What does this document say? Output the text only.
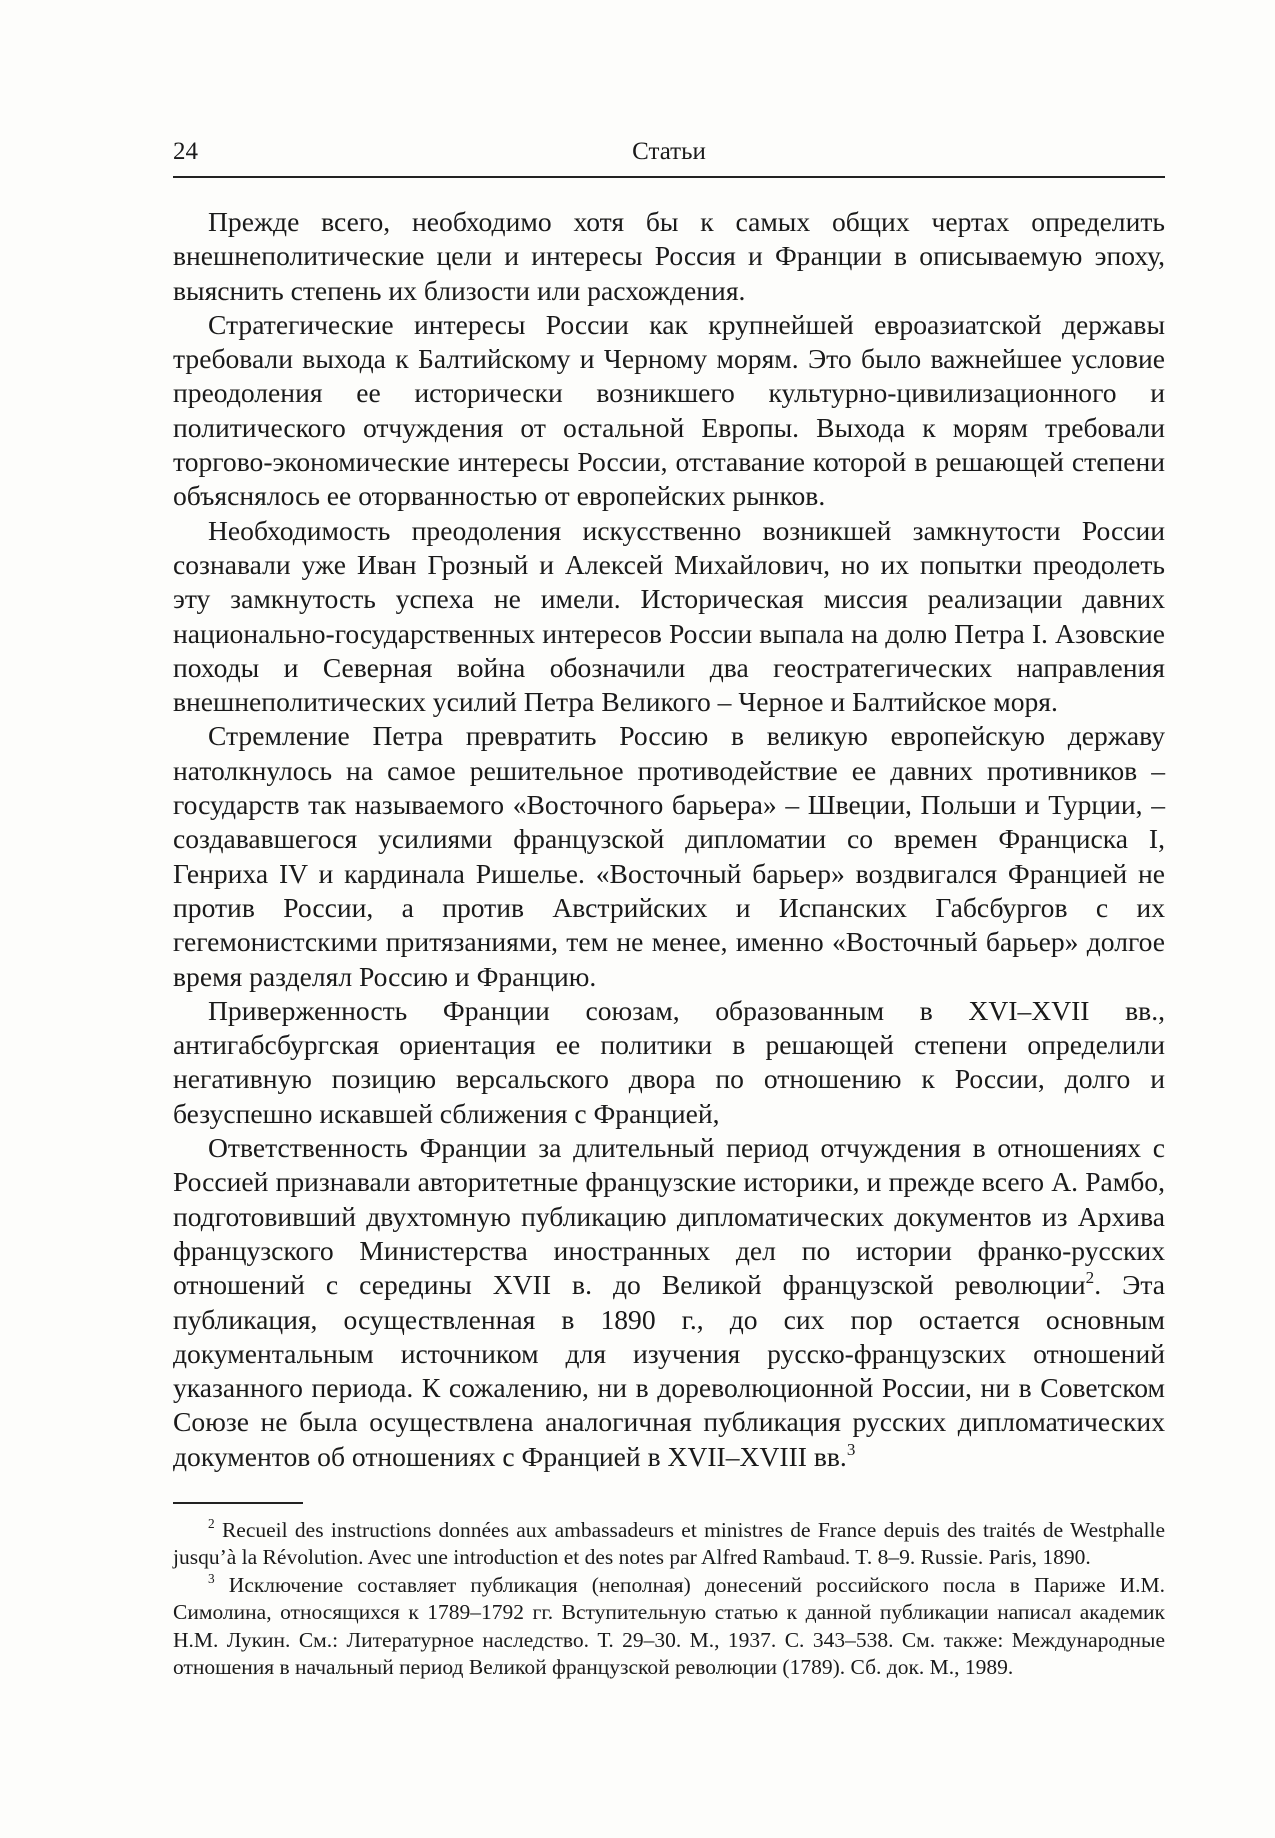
24	Статьи

Прежде всего, необходимо хотя бы к самых общих чертах определить внешнеполитические цели и интересы Россия и Франции в описываемую эпоху, выяснить степень их близости или расхождения.

Стратегические интересы России как крупнейшей евроазиатской державы требовали выхода к Балтийскому и Черному морям. Это было важнейшее условие преодоления ее исторически возникшего культурно-цивилизационного и политического отчуждения от остальной Европы. Выхода к морям требовали торгово-экономические интересы России, отставание которой в решающей степени объяснялось ее оторванностью от европейских рынков.

Необходимость преодоления искусственно возникшей замкнутости России сознавали уже Иван Грозный и Алексей Михайлович, но их попытки преодолеть эту замкнутость успеха не имели. Историческая миссия реализации давних национально-государственных интересов России выпала на долю Петра I. Азовские походы и Северная война обозначили два геостратегических направления внешнеполитических усилий Петра Великого – Черное и Балтийское моря.

Стремление Петра превратить Россию в великую европейскую державу натолкнулось на самое решительное противодействие ее давних противников – государств так называемого «Восточного барьера» – Швеции, Польши и Турции, – создававшегося усилиями французской дипломатии со времен Франциска I, Генриха IV и кардинала Ришелье. «Восточный барьер» воздвигался Францией не против России, а против Австрийских и Испанских Габсбургов с их гегемонистскими притязаниями, тем не менее, именно «Восточный барьер» долгое время разделял Россию и Францию.

Приверженность Франции союзам, образованным в XVI–XVII вв., антигабсбургская ориентация ее политики в решающей степени определили негативную позицию версальского двора по отношению к России, долго и безуспешно искавшей сближения с Францией,

Ответственность Франции за длительный период отчуждения в отношениях с Россией признавали авторитетные французские историки, и прежде всего А. Рамбо, подготовивший двухтомную публикацию дипломатических документов из Архива французского Министерства иностранных дел по истории франко-русских отношений с середины XVII в. до Великой французской революции$^2$. Эта публикация, осуществленная в 1890 г., до сих пор остается основным документальным источником для изучения русско-французских отношений указанного периода. К сожалению, ни в дореволюционной России, ни в Советском Союзе не была осуществлена аналогичная публикация русских дипломатических документов об отношениях с Францией в XVII–XVIII вв.$^3$

$^2$ Recueil des instructions données aux ambassadeurs et ministres de France depuis des traités de Westphalle jusqu’à la Révolution. Avec une introduction et des notes par Alfred Rambaud. T. 8–9. Russie. Paris, 1890.

$^3$ Исключение составляет публикация (неполная) донесений российского посла в Париже И.М. Симолина, относящихся к 1789–1792 гг. Вступительную статью к данной публикации написал академик Н.М. Лукин. См.: Литературное наследство. Т. 29–30. М., 1937. С. 343–538. См. также: Международные отношения в начальный период Великой французской революции (1789). Сб. док. М., 1989.
